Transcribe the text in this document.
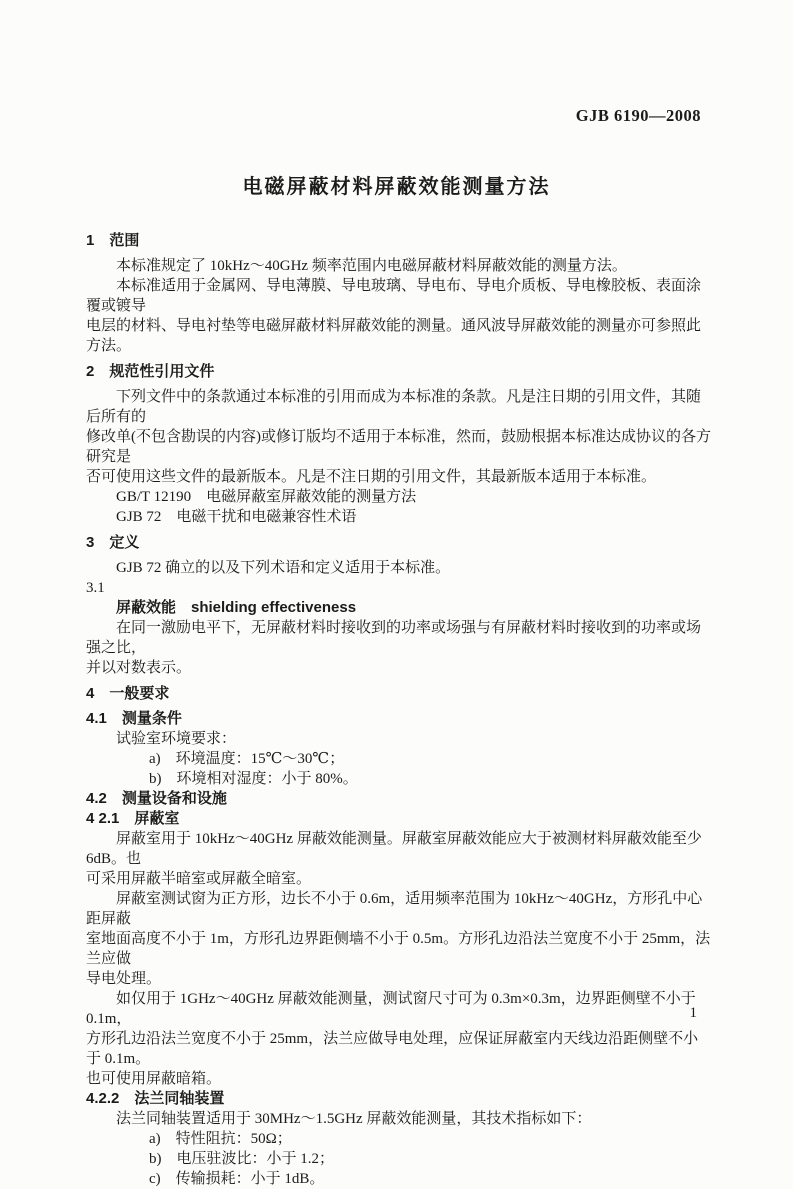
GJB 6190—2008
电磁屏蔽材料屏蔽效能测量方法
1　范围
本标准规定了 10kHz～40GHz 频率范围内电磁屏蔽材料屏蔽效能的测量方法。
本标准适用于金属网、导电薄膜、导电玻璃、导电布、导电介质板、导电橡胶板、表面涂覆或镀导
电层的材料、导电衬垫等电磁屏蔽材料屏蔽效能的测量。通风波导屏蔽效能的测量亦可参照此方法。
2　规范性引用文件
下列文件中的条款通过本标准的引用而成为本标准的条款。凡是注日期的引用文件，其随后所有的
修改单(不包含勘误的内容)或修订版均不适用于本标准，然而，鼓励根据本标准达成协议的各方研究是
否可使用这些文件的最新版本。凡是不注日期的引用文件，其最新版本适用于本标准。
GB/T 12190　电磁屏蔽室屏蔽效能的测量方法
GJB 72　电磁干扰和电磁兼容性术语
3　定义
GJB 72 确立的以及下列术语和定义适用于本标准。
3.1
屏蔽效能　shielding effectiveness
在同一激励电平下，无屏蔽材料时接收到的功率或场强与有屏蔽材料时接收到的功率或场强之比，
并以对数表示。
4　一般要求
4.1　测量条件
试验室环境要求：
a)　环境温度：15℃～30℃；
b)　环境相对湿度：小于 80%。
4.2　测量设备和设施
4 2.1　屏蔽室
屏蔽室用于 10kHz～40GHz 屏蔽效能测量。屏蔽室屏蔽效能应大于被测材料屏蔽效能至少 6dB。也
可采用屏蔽半暗室或屏蔽全暗室。
屏蔽室测试窗为正方形，边长不小于 0.6m，适用频率范围为 10kHz～40GHz，方形孔中心距屏蔽
室地面高度不小于 1m，方形孔边界距侧墙不小于 0.5m。方形孔边沿法兰宽度不小于 25mm，法兰应做
导电处理。
如仅用于 1GHz～40GHz 屏蔽效能测量，测试窗尺寸可为 0.3m×0.3m，边界距侧壁不小于 0.1m，
方形孔边沿法兰宽度不小于 25mm，法兰应做导电处理，应保证屏蔽室内天线边沿距侧壁不小于 0.1m。
也可使用屏蔽暗箱。
4.2.2　法兰同轴装置
法兰同轴装置适用于 30MHz～1.5GHz 屏蔽效能测量，其技术指标如下：
a)　特性阻抗：50Ω；
b)　电压驻波比：小于 1.2；
c)　传输损耗：小于 1dB。
1
